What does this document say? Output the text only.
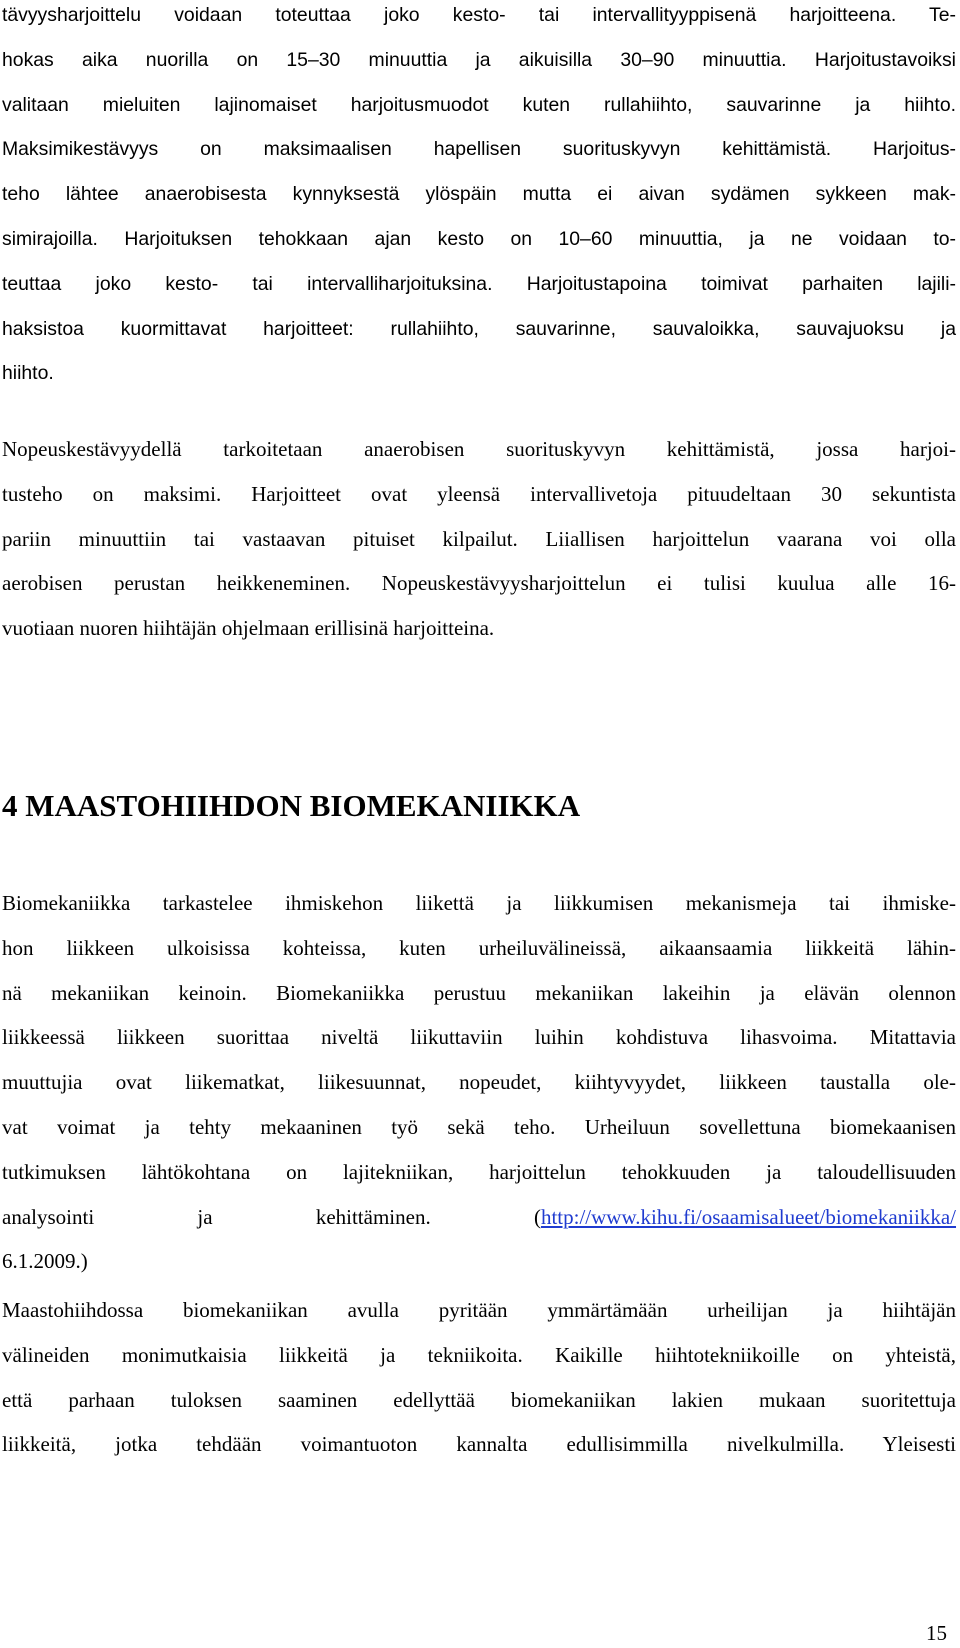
tävyysharjoittelu voidaan toteuttaa joko kesto- tai intervallityyppisenä harjoitteena. Te-
hokas aika nuorilla on 15–30 minuuttia ja aikuisilla 30–90 minuuttia. Harjoitustavoiksi
valitaan mieluiten lajinomaiset harjoitusmuodot kuten rullahiihto, sauvarinne ja hiihto.
Maksimikestävyys on maksimaalisen hapellisen suorituskyvyn kehittämistä. Harjoitus-
teho lähtee anaerobisesta kynnyksestä ylöspäin mutta ei aivan sydämen sykkeen mak-
simirajoilla. Harjoituksen tehokkaan ajan kesto on 10–60 minuuttia, ja ne voidaan to-
teuttaa joko kesto- tai intervalliharjoituksina. Harjoitustapoina toimivat parhaiten lajili-
haksistoa kuormittavat harjoitteet: rullahiihto, sauvarinne, sauvaloikka, sauvajuoksu ja
hiihto.
Nopeuskestävyydellä tarkoitetaan anaerobisen suorituskyvyn kehittämistä, jossa harjoi-
tusteho on maksimi. Harjoitteet ovat yleensä intervallivetoja pituudeltaan 30 sekuntista
pariin minuuttiin tai vastaavan pituiset kilpailut. Liiallisen harjoittelun vaarana voi olla
aerobisen perustan heikkeneminen. Nopeuskestävyysharjoittelun ei tulisi kuulua alle 16-
vuotiaan nuoren hiihtäjän ohjelmaan erillisinä harjoitteina.
4 MAASTOHIIHDON BIOMEKANIIKKA
Biomekaniikka tarkastelee ihmiskehon liikettä ja liikkumisen mekanismeja tai ihmiske-
hon liikkeen ulkoisissa kohteissa, kuten urheiluvälineissä, aikaansaamia liikkeitä lähin-
nä mekaniikan keinoin. Biomekaniikka perustuu mekaniikan lakeihin ja elävän olennon
liikkeessä liikkeen suorittaa niveltä liikuttaviin luihin kohdistuva lihasvoima. Mitattavia
muuttujia ovat liikematkat, liikesuunnat, nopeudet, kiihtyvyydet, liikkeen taustalla ole-
vat voimat ja tehty mekaaninen työ sekä teho. Urheiluun sovellettuna biomekaanisen
tutkimuksen lähtökohtana on lajitekniikan, harjoittelun tehokkuuden ja taloudellisuuden
analysointi	ja	kehittäminen.	(http://www.kihu.fi/osaamisalueet/biomekaniikka/
6.1.2009.)
Maastohiihdossa biomekaniikan avulla pyritään ymmärtämään urheilijan ja hiihtäjän
välineiden monimutkaisia liikkeitä ja tekniikoita. Kaikille hiihtotekniikoille on yhteistä,
että parhaan tuloksen saaminen edellyttää biomekaniikan lakien mukaan suoritettuja
liikkeitä, jotka tehdään voimantuoton kannalta edullisimmilla nivelkulmilla. Yleisesti
15
